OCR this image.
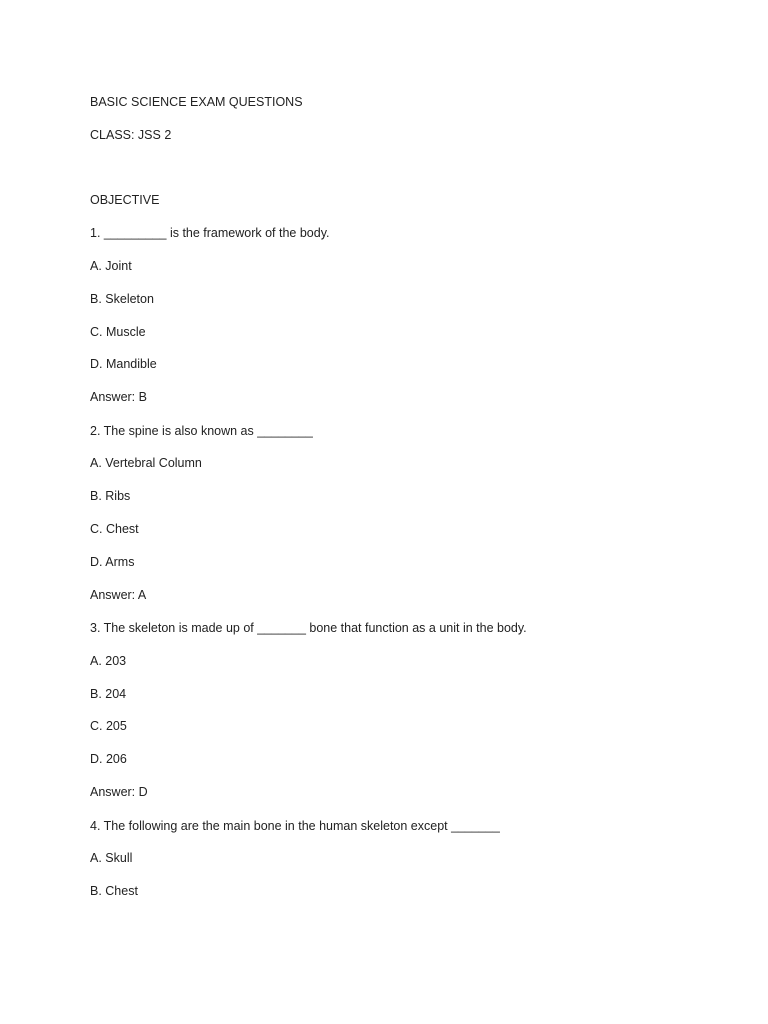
BASIC SCIENCE EXAM QUESTIONS
CLASS: JSS 2
OBJECTIVE
1. _________ is the framework of the body.
A. Joint
B. Skeleton
C. Muscle
D. Mandible
Answer: B
2. The spine is also known as ________
A. Vertebral Column
B. Ribs
C. Chest
D. Arms
Answer: A
3. The skeleton is made up of _______ bone that function as a unit in the body.
A. 203
B. 204
C. 205
D. 206
Answer: D
4. The following are the main bone in the human skeleton except _______
A. Skull
B. Chest
